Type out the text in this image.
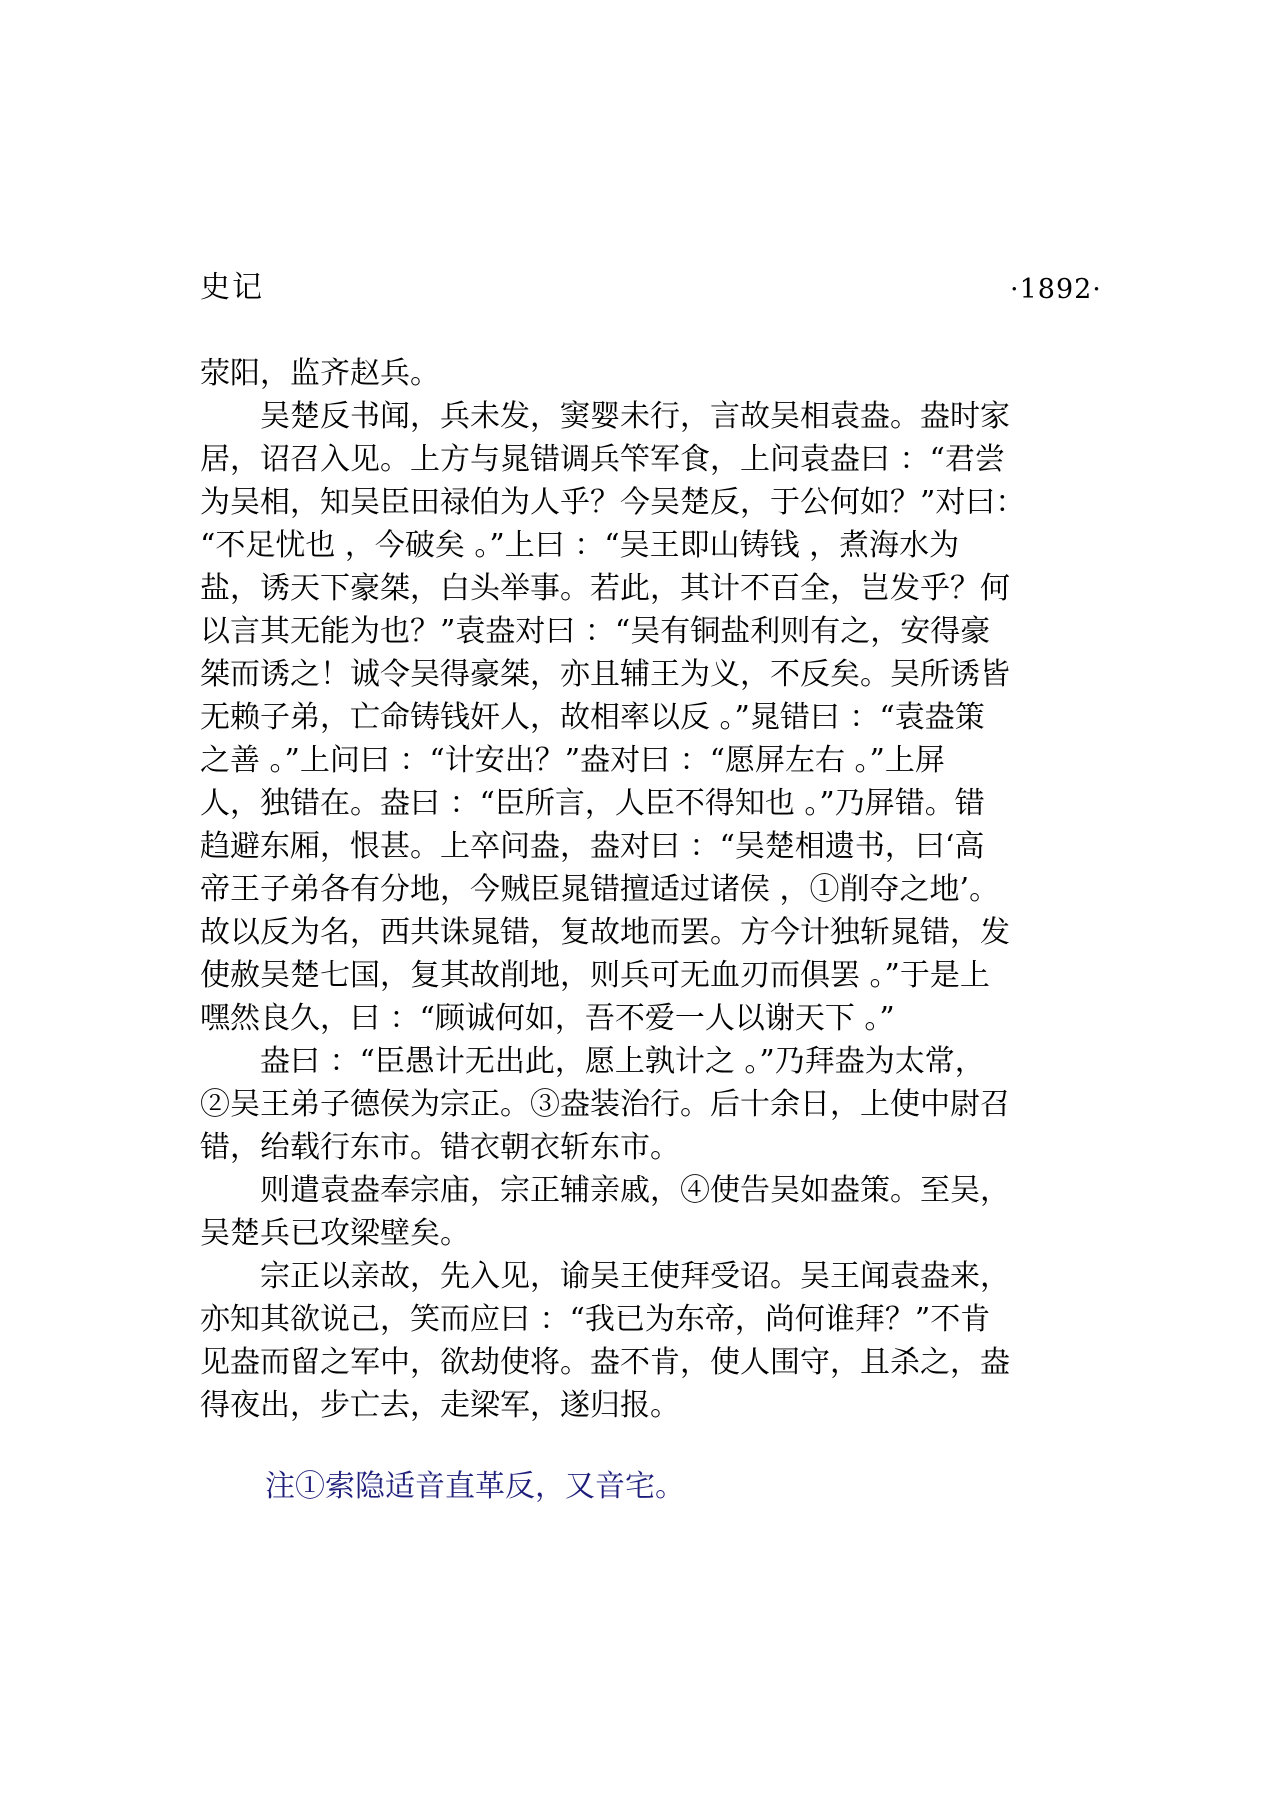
史记	·1892·
荥阳，监齐赵兵。
　　吴楚反书闻，兵未发，窦婴未行，言故吴相袁盎。盎时家
居，诏召入见。上方与晁错调兵笇军食，上问袁盎曰 ：“君尝
为吴相，知吴臣田禄伯为人乎？今吴楚反，于公何如？”对曰：
“不足忧也 ，今破矣 。”上曰 ：“吴王即山铸钱 ，煮海水为
盐，诱天下豪桀，白头举事。若此，其计不百全，岂发乎？何
以言其无能为也？”袁盎对曰 ：“吴有铜盐利则有之，安得豪
桀而诱之！诚令吴得豪桀，亦且辅王为义，不反矣。吴所诱皆
无赖子弟，亡命铸钱奸人，故相率以反 。”晁错曰 ：“袁盎策
之善 。”上问曰 ：“计安出？”盎对曰 ：“愿屏左右 。”上屏
人，独错在。盎曰 ：“臣所言，人臣不得知也 。”乃屏错。错
趋避东厢，恨甚。上卒问盎，盎对曰 ：“吴楚相遗书，曰‘高
帝王子弟各有分地，今贼臣晁错擅适过诸侯 ，①削夺之地’。
故以反为名，西共诛晁错，复故地而罢。方今计独斩晁错，发
使赦吴楚七国，复其故削地，则兵可无血刃而俱罢 。”于是上
嘿然良久，曰 ：“顾诚何如，吾不爱一人以谢天下 。”
　　盎曰 ：“臣愚计无出此，愿上孰计之 。”乃拜盎为太常，
②吴王弟子德侯为宗正。③盎装治行。后十余日，上使中尉召
错，绐载行东市。错衣朝衣斩东市。
　　则遣袁盎奉宗庙，宗正辅亲戚，④使告吴如盎策。至吴，
吴楚兵已攻梁壁矣。
　　宗正以亲故，先入见，谕吴王使拜受诏。吴王闻袁盎来，
亦知其欲说己，笑而应曰 ：“我已为东帝，尚何谁拜？”不肯
见盎而留之军中，欲劫使将。盎不肯，使人围守，且杀之，盎
得夜出，步亡去，走梁军，遂归报。
注①索隐适音直革反，又音宅。
